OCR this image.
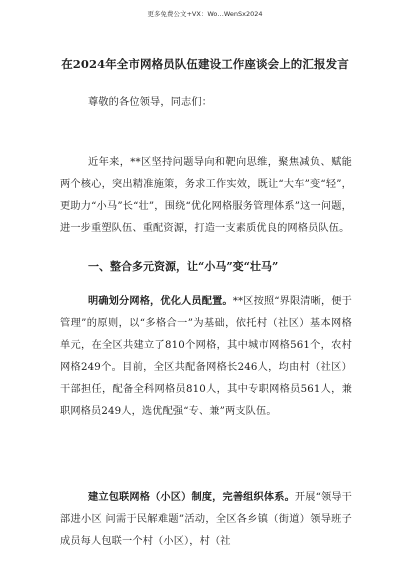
更多免费公文+VX：Wo…WenSx2024
在2024年全市网格员队伍建设工作座谈会上的汇报发言
尊敬的各位领导，同志们：
近年来，**区坚持问题导向和靶向思维，聚焦减负、赋能两个核心，突出精准施策，务求工作实效，既让“大车”变“轻”，更助力“小马”长“壮”，围绕“优化网格服务管理体系”这一问题，进一步重塑队伍、重配资源，打造一支素质优良的网格员队伍。
一、整合多元资源，让“小马”变“壮马”
明确划分网格，优化人员配置。**区按照“界限清晰，便于管理”的原则，以“多格合一”为基础，依托村（社区）基本网格单元，在全区共建立了810个网格，其中城市网格561个，农村网格249个。目前，全区共配备网格长246人，均由村（社区）干部担任，配备全科网格员810人，其中专职网格员561人，兼职网格员249人，选优配强“专、兼”两支队伍。
建立包联网格（小区）制度，完善组织体系。开展“领导干部进小区 问需于民解难题”活动，全区各乡镇（街道）领导班子成员每人包联一个村（小区），村（社
